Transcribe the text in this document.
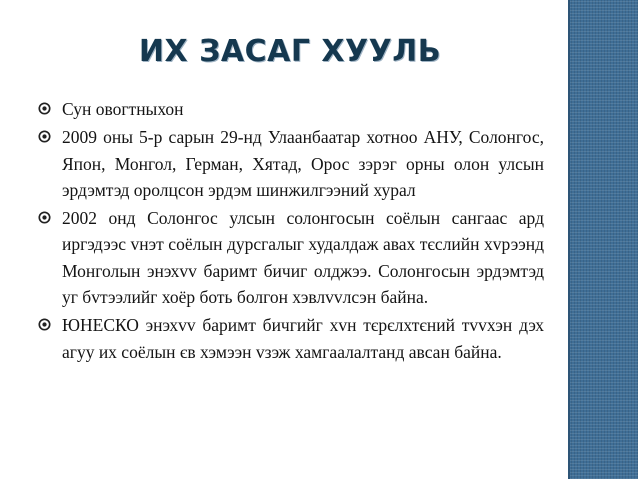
ИХ ЗАСАГ ХУУЛЬ
Сун овогтныхон
2009 оны 5-р сарын 29-нд Улаанбаатар хотноо АНУ, Солонгос, Япон, Монгол, Герман, Хятад, Орос зэрэг орны олон улсын эрдэмтэд оролцсон эрдэм шинжилгээний хурал
2002 онд Солонгос улсын солонгосын соёлын сангаас ард иргэдээс vнэт соёлын дурсгалыг худалдаж авах тєслийн хvрээнд Монголын энэхvv баримт бичиг олджээ. Солонгосын эрдэмтэд уг бvтээлийг хоёр боть болгон хэвлvvлсэн байна.
ЮНЕСКО энэхvv баримт бичгийг хvн тєрєлхтєний тvvхэн дэх агуу их соёлын єв хэмээн vзэж хамгаалалтанд авсан байна.
